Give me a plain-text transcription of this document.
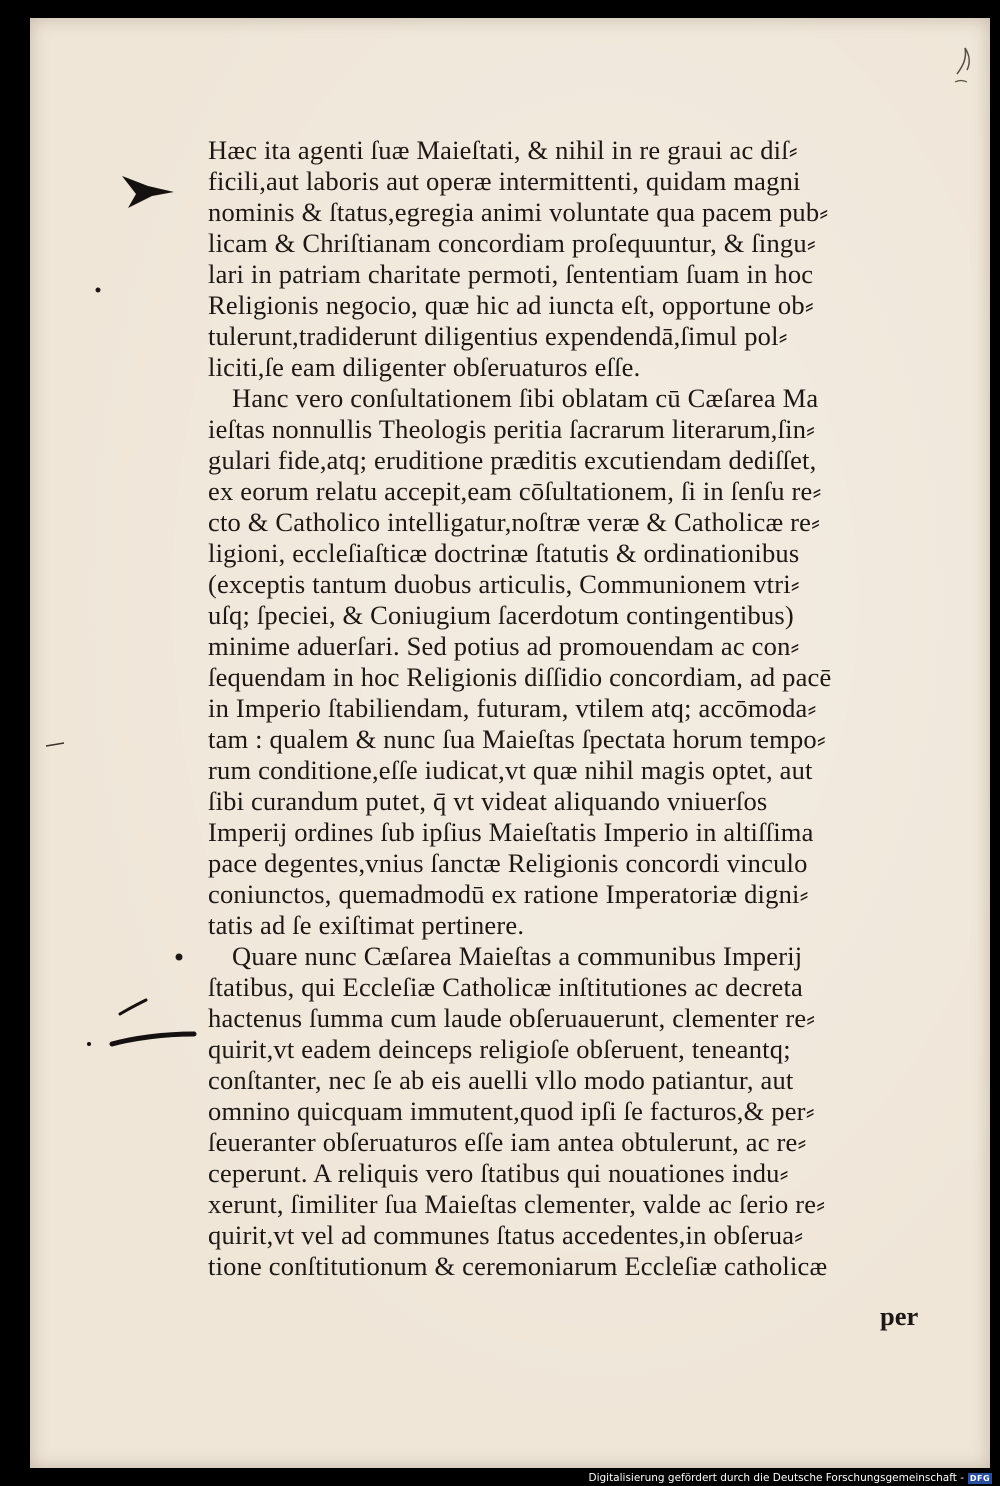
Hæc ita agenti ſuæ Maieſtati, & nihil in re graui ac diſ⸗
ficili,aut laboris aut operæ intermittenti, quidam magni
nominis & ſtatus,egregia animi voluntate qua pacem pub⸗
licam & Chriſtianam concordiam proſequuntur, & ſingu⸗
lari in patriam charitate permoti, ſententiam ſuam in hoc
Religionis negocio, quæ hic ad iuncta eſt, opportune ob⸗
tulerunt,tradiderunt diligentius expendendā,ſimul pol⸗
liciti,ſe eam diligenter obſeruaturos eſſe.
Hanc vero conſultationem ſibi oblatam cū Cæſarea Ma
ieſtas nonnullis Theologis peritia ſacrarum literarum,ſin⸗
gulari fide,atq; eruditione præditis excutiendam dediſſet,
ex eorum relatu accepit,eam cōſultationem, ſi in ſenſu re⸗
cto & Catholico intelligatur,noſtræ veræ & Catholicæ re⸗
ligioni, eccleſiaſticæ doctrinæ ſtatutis & ordinationibus
(exceptis tantum duobus articulis, Communionem vtri⸗
uſq; ſpeciei, & Coniugium ſacerdotum contingentibus)
minime aduerſari. Sed potius ad promouendam ac con⸗
ſequendam in hoc Religionis diſſidio concordiam, ad pacē
in Imperio ſtabiliendam, futuram, vtilem atq; accōmoda⸗
tam : qualem & nunc ſua Maieſtas ſpectata horum tempo⸗
rum conditione,eſſe iudicat,vt quæ nihil magis optet, aut
ſibi curandum putet, q̄ vt videat aliquando vniuerſos
Imperij ordines ſub ipſius Maieſtatis Imperio in altiſſima
pace degentes,vnius ſanctæ Religionis concordi vinculo
coniunctos, quemadmodū ex ratione Imperatoriæ digni⸗
tatis ad ſe exiſtimat pertinere.
Quare nunc Cæſarea Maieſtas a communibus Imperij
ſtatibus, qui Eccleſiæ Catholicæ inſtitutiones ac decreta
hactenus ſumma cum laude obſeruauerunt, clementer re⸗
quirit,vt eadem deinceps religioſe obſeruent, teneantq;
conſtanter, nec ſe ab eis auelli vllo modo patiantur, aut
omnino quicquam immutent,quod ipſi ſe facturos,& per⸗
ſeueranter obſeruaturos eſſe iam antea obtulerunt, ac re⸗
ceperunt. A reliquis vero ſtatibus qui nouationes indu⸗
xerunt, ſimiliter ſua Maieſtas clementer, valde ac ſerio re⸗
quirit,vt vel ad communes ſtatus accedentes,in obſerua⸗
tione conſtitutionum & ceremoniarum Eccleſiæ catholicæ
per
Digitalisierung gefördert durch die Deutsche Forschungsgemeinschaft - DFG
